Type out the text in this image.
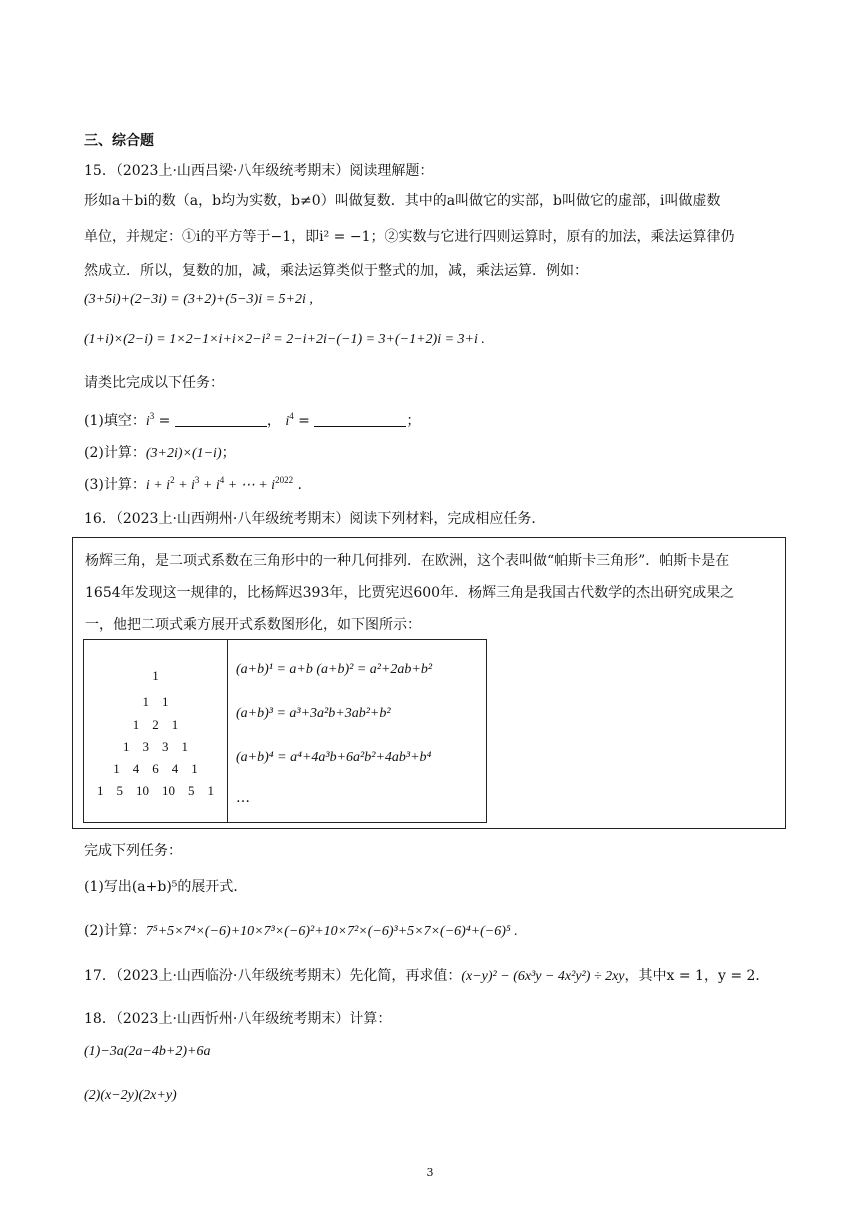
三、综合题
15．（2023上·山西吕梁·八年级统考期末）阅读理解题：
形如a＋bi的数（a，b均为实数，b≠0）叫做复数．其中的a叫做它的实部，b叫做它的虚部，i叫做虚数
单位，并规定：①i的平方等于−1，即i² = −1；②实数与它进行四则运算时，原有的加法，乘法运算律仍
然成立．所以，复数的加，减，乘法运算类似于整式的加，减，乘法运算．例如：
(3+5i)+(2−3i) = (3+2)+(5−3)i = 5+2i ,
(1+i)×(2−i) = 1×2−1×i+i×2−i² = 2−i+2i−(−1) = 3+(−1+2)i = 3+i .
请类比完成以下任务：
(1)填空：$i^3$ =	， $i^4$ =	；
(2)计算：(3+2i)×(1−i)；
(3)计算：$i + i^2 + i^3 + i^4$ + ⋯ + $i^{2022}$ .
16．（2023上·山西朔州·八年级统考期末）阅读下列材料，完成相应任务．
杨辉三角，是二项式系数在三角形中的一种几何排列．在欧洲，这个表叫做“帕斯卡三角形”．帕斯卡是在
1654年发现这一规律的，比杨辉迟393年，比贾宪迟600年．杨辉三角是我国古代数学的杰出研究成果之
一，他把二项式乘方展开式系数图形化，如下图所示：
1
1　1
1　2　1
1　3　3　1
1　4　6　4　1
1　5　10　10　5　1
(a+b)¹ = a+b (a+b)² = a²+2ab+b²
(a+b)³ = a³+3a²b+3ab²+b²
(a+b)⁴ = a⁴+4a³b+6a²b²+4ab³+b⁴
…
完成下列任务：
(1)写出(a+b)⁵的展开式．
(2)计算：7⁵+5×7⁴×(−6)+10×7³×(−6)²+10×7²×(−6)³+5×7×(−6)⁴+(−6)⁵ .
17．（2023上·山西临汾·八年级统考期末）先化简，再求值：(x−y)² − (6x³y − 4x²y²) ÷ 2xy，其中x = 1，y = 2．
18．（2023上·山西忻州·八年级统考期末）计算：
(1)−3a(2a−4b+2)+6a
(2)(x−2y)(2x+y)
3
